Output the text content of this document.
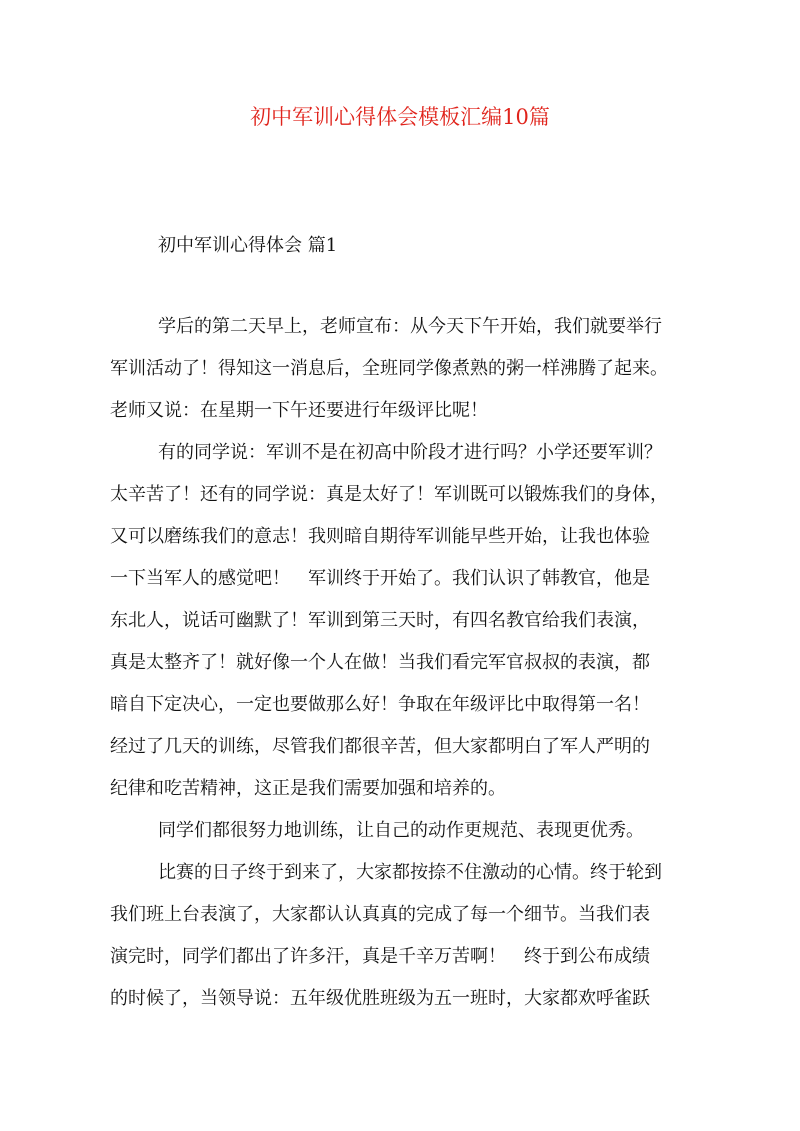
初中军训心得体会模板汇编10篇
初中军训心得体会 篇1

学后的第二天早上，老师宣布：从今天下午开始，我们就要举行

军训活动了！得知这一消息后，全班同学像煮熟的粥一样沸腾了起来。

老师又说：在星期一下午还要进行年级评比呢！

有的同学说：军训不是在初高中阶段才进行吗？小学还要军训？

太辛苦了！还有的同学说：真是太好了！军训既可以锻炼我们的身体，

又可以磨练我们的意志！我则暗自期待军训能早些开始，让我也体验

一下当军人的感觉吧！　军训终于开始了。我们认识了韩教官，他是

东北人，说话可幽默了！军训到第三天时，有四名教官给我们表演，

真是太整齐了！就好像一个人在做！当我们看完军官叔叔的表演，都

暗自下定决心，一定也要做那么好！争取在年级评比中取得第一名！

经过了几天的训练，尽管我们都很辛苦，但大家都明白了军人严明的

纪律和吃苦精神，这正是我们需要加强和培养的。

同学们都很努力地训练，让自己的动作更规范、表现更优秀。

比赛的日子终于到来了，大家都按捺不住激动的心情。终于轮到

我们班上台表演了，大家都认认真真的完成了每一个细节。当我们表

演完时，同学们都出了许多汗，真是千辛万苦啊！　终于到公布成绩

的时候了，当领导说：五年级优胜班级为五一班时，大家都欢呼雀跃
